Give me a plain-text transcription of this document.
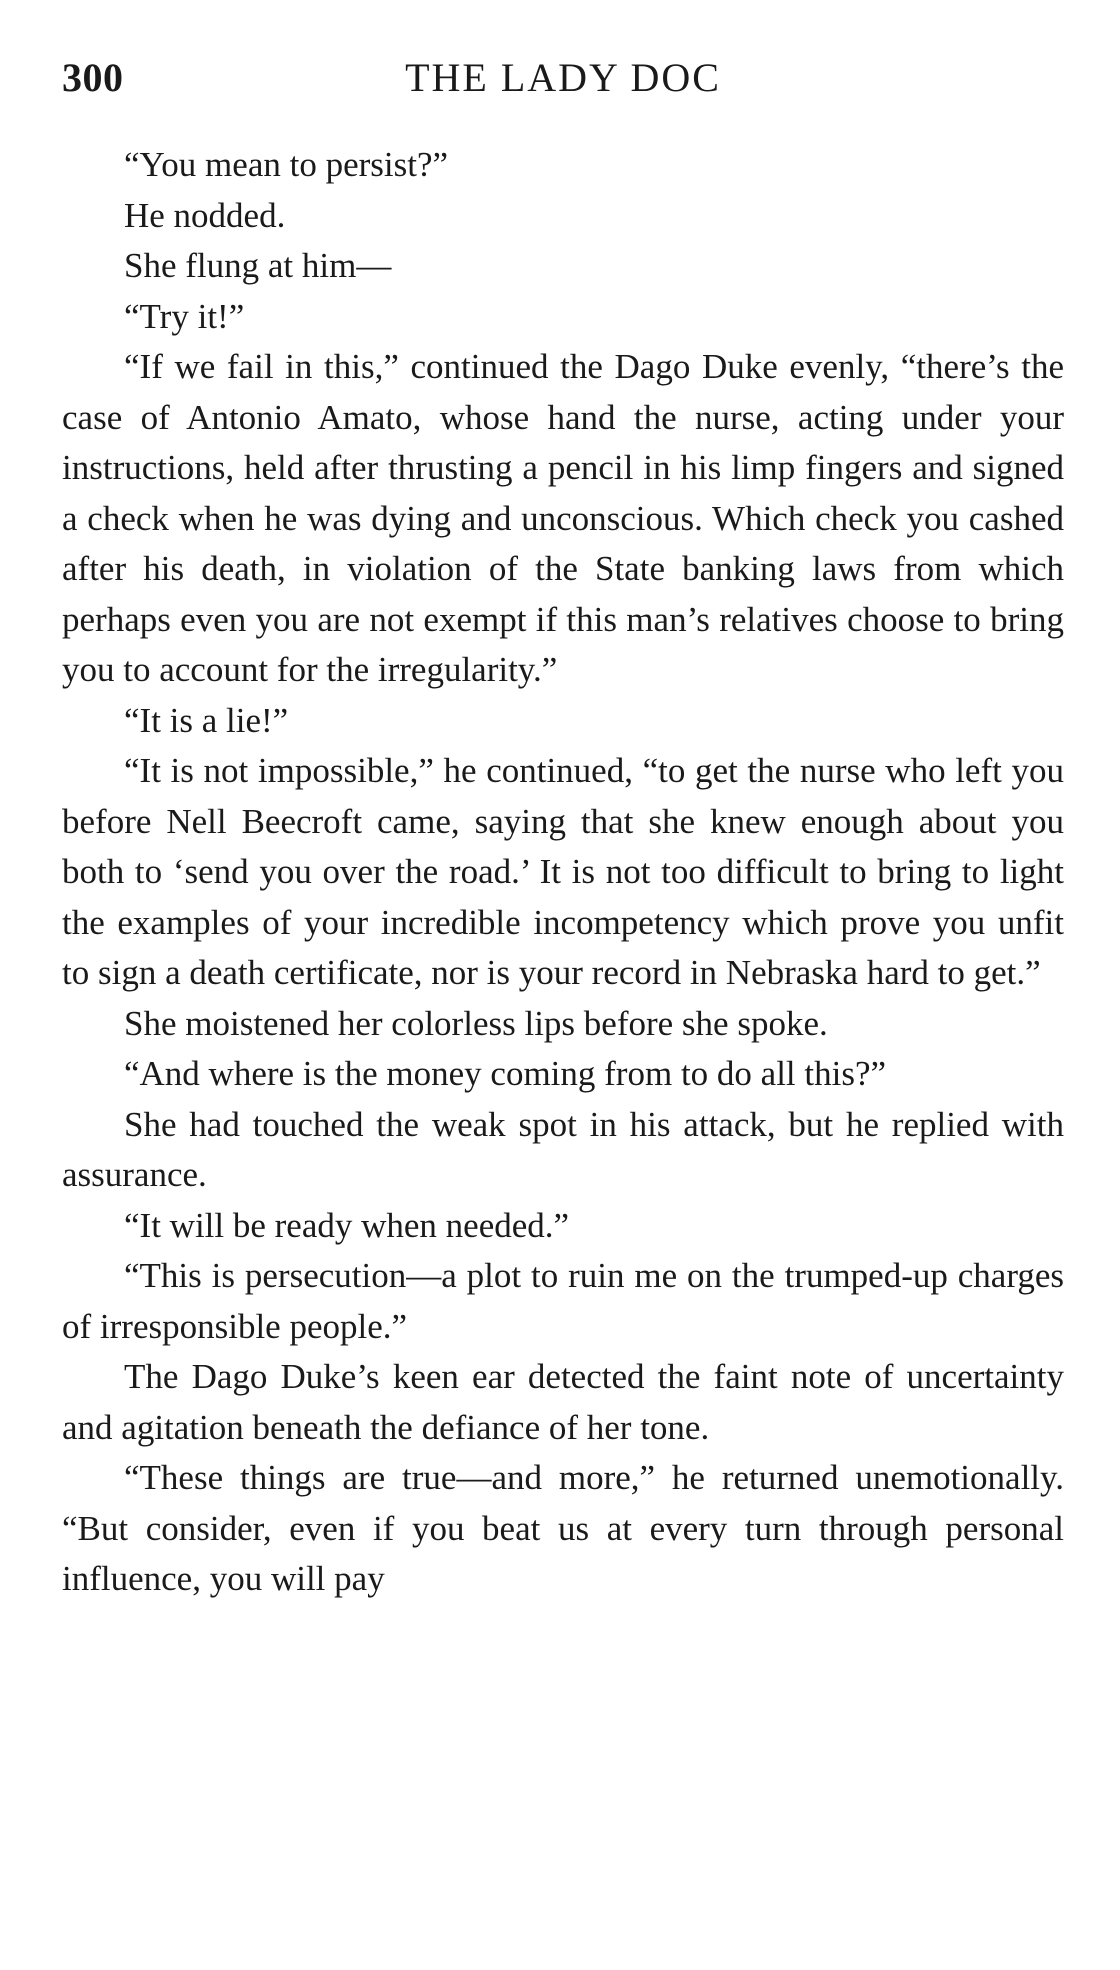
300	THE LADY DOC

“You mean to persist?”

He nodded.

She flung at him—

“Try it!”

“If we fail in this,” continued the Dago Duke evenly, “there’s the case of Antonio Amato, whose hand the nurse, acting under your instructions, held after thrusting a pencil in his limp fingers and signed a check when he was dying and unconscious. Which check you cashed after his death, in violation of the State banking laws from which perhaps even you are not exempt if this man’s relatives choose to bring you to account for the irregularity.”

“It is a lie!”

“It is not impossible,” he continued, “to get the nurse who left you before Nell Beecroft came, saying that she knew enough about you both to ‘send you over the road.’ It is not too difficult to bring to light the examples of your incredible incompetency which prove you unfit to sign a death certificate, nor is your record in Nebraska hard to get.”

She moistened her colorless lips before she spoke.

“And where is the money coming from to do all this?”

She had touched the weak spot in his attack, but he replied with assurance.

“It will be ready when needed.”

“This is persecution—a plot to ruin me on the trumped-up charges of irresponsible people.”

The Dago Duke’s keen ear detected the faint note of uncertainty and agitation beneath the defiance of her tone.

“These things are true—and more,” he returned unemotionally. “But consider, even if you beat us at every turn through personal influence, you will pay
